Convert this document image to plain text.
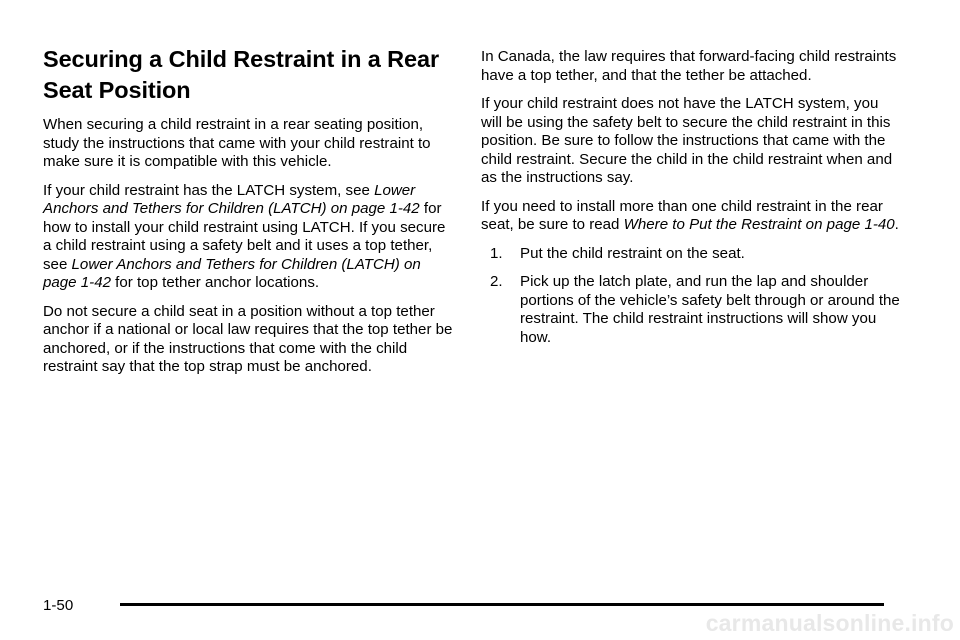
Securing a Child Restraint in a Rear Seat Position

When securing a child restraint in a rear seating position, study the instructions that came with your child restraint to make sure it is compatible with this vehicle.

If your child restraint has the LATCH system, see Lower Anchors and Tethers for Children (LATCH) on page 1-42 for how to install your child restraint using LATCH. If you secure a child restraint using a safety belt and it uses a top tether, see Lower Anchors and Tethers for Children (LATCH) on page 1-42 for top tether anchor locations.

Do not secure a child seat in a position without a top tether anchor if a national or local law requires that the top tether be anchored, or if the instructions that come with the child restraint say that the top strap must be anchored.

In Canada, the law requires that forward-facing child restraints have a top tether, and that the tether be attached.

If your child restraint does not have the LATCH system, you will be using the safety belt to secure the child restraint in this position. Be sure to follow the instructions that came with the child restraint. Secure the child in the child restraint when and as the instructions say.

If you need to install more than one child restraint in the rear seat, be sure to read Where to Put the Restraint on page 1-40.

1. Put the child restraint on the seat.
2. Pick up the latch plate, and run the lap and shoulder portions of the vehicle’s safety belt through or around the restraint. The child restraint instructions will show you how.
1-50
carmanualsonline.info
